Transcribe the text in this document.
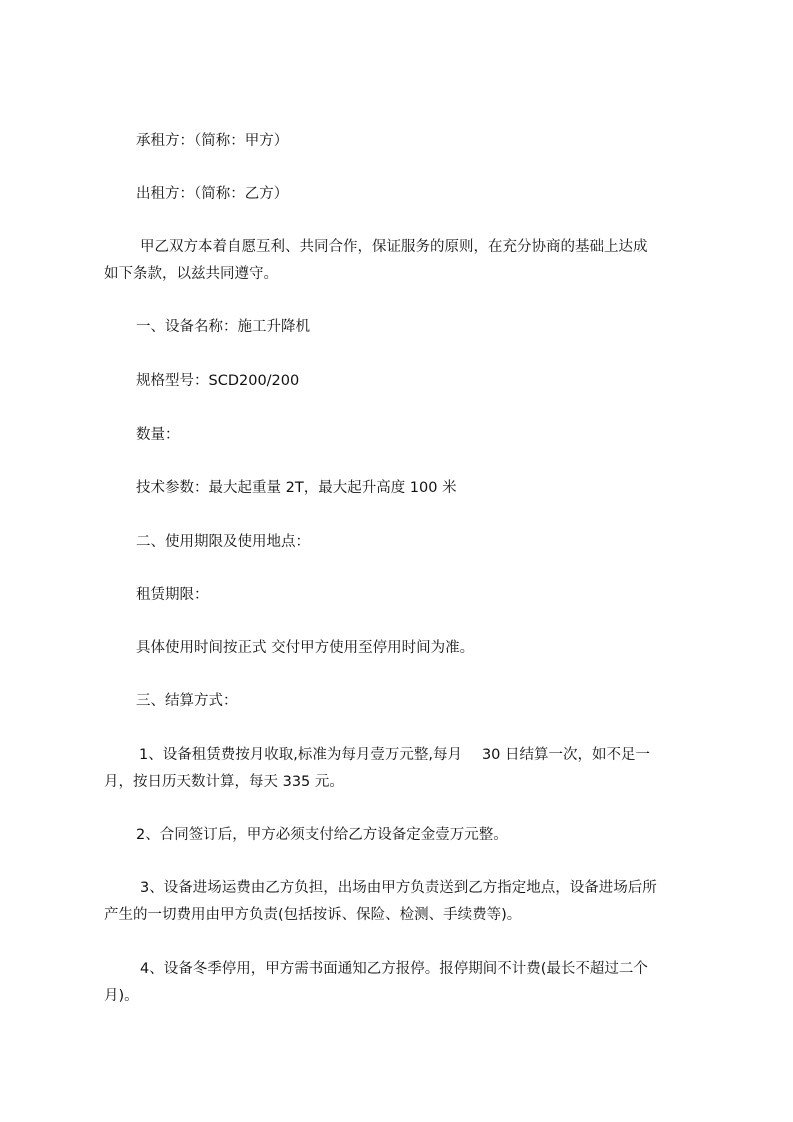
承租方：（简称：甲方）
出租方：（简称：乙方）
甲乙双方本着自愿互利、共同合作，保证服务的原则，在充分协商的基础上达成
如下条款，以兹共同遵守。
一、设备名称：施工升降机
规格型号：SCD200/200
数量：
技术参数：最大起重量 2T，最大起升高度 100 米
二、使用期限及使用地点：
租赁期限：
具体使用时间按正式 交付甲方使用至停用时间为准。
三、结算方式：
1、设备租赁费按月收取,标准为每月壹万元整,每月 30 日结算一次，如不足一
月，按日历天数计算，每天 335 元。
2、合同签订后，甲方必须支付给乙方设备定金壹万元整。
3、设备进场运费由乙方负担，出场由甲方负责送到乙方指定地点，设备进场后所
产生的一切费用由甲方负责(包括按诉、保险、检测、手续费等)。
4、设备冬季停用，甲方需书面通知乙方报停。报停期间不计费(最长不超过二个
月)。
